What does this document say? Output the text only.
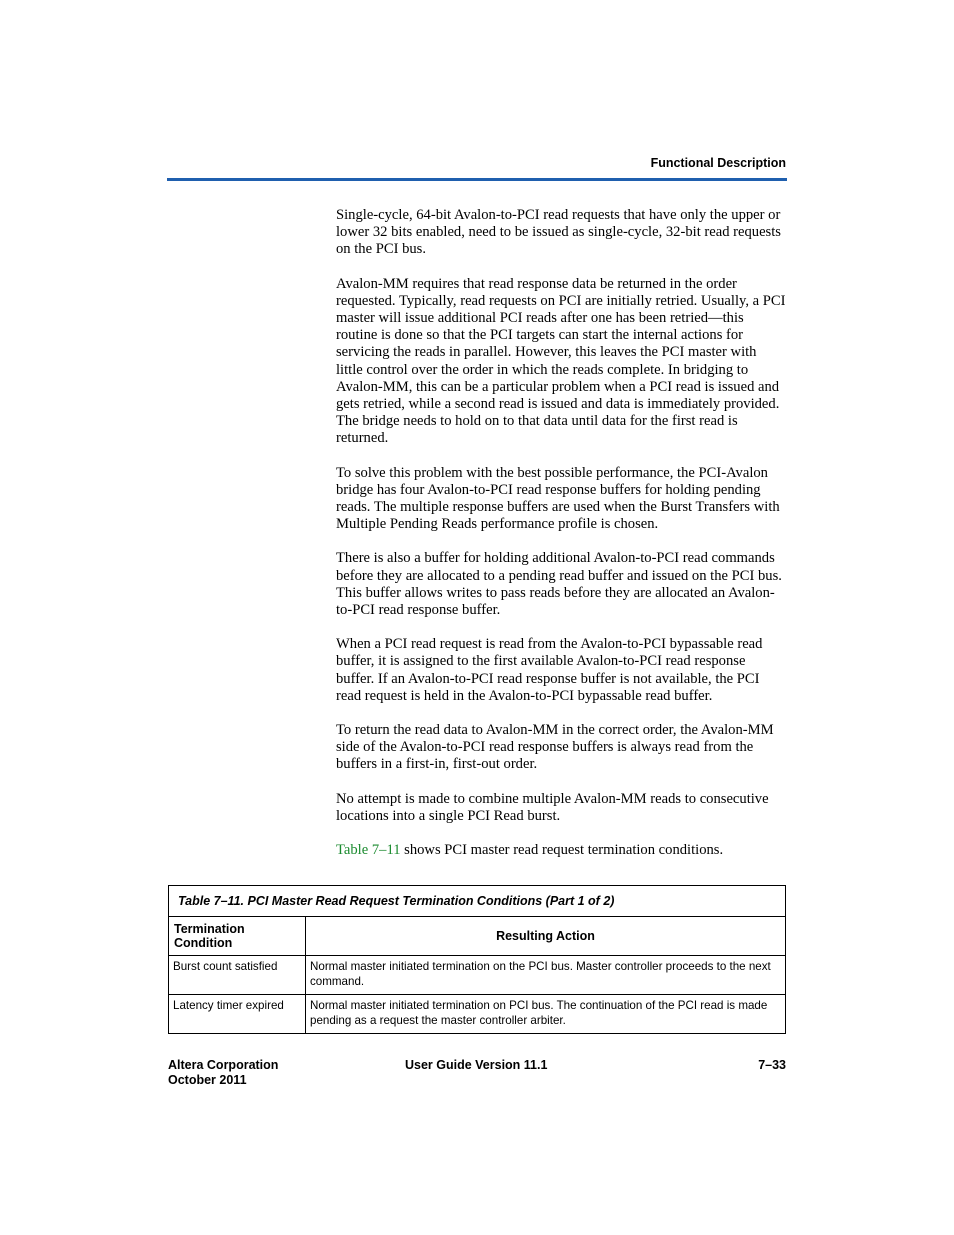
Functional Description

Single-cycle, 64-bit Avalon-to-PCI read requests that have only the upper or lower 32 bits enabled, need to be issued as single-cycle, 32-bit read requests on the PCI bus.

Avalon-MM requires that read response data be returned in the order requested. Typically, read requests on PCI are initially retried. Usually, a PCI master will issue additional PCI reads after one has been retried—this routine is done so that the PCI targets can start the internal actions for servicing the reads in parallel. However, this leaves the PCI master with little control over the order in which the reads complete. In bridging to Avalon-MM, this can be a particular problem when a PCI read is issued and gets retried, while a second read is issued and data is immediately provided. The bridge needs to hold on to that data until data for the first read is returned.

To solve this problem with the best possible performance, the PCI-Avalon bridge has four Avalon-to-PCI read response buffers for holding pending reads. The multiple response buffers are used when the Burst Transfers with Multiple Pending Reads performance profile is chosen.

There is also a buffer for holding additional Avalon-to-PCI read commands before they are allocated to a pending read buffer and issued on the PCI bus. This buffer allows writes to pass reads before they are allocated an Avalon-to-PCI read response buffer.

When a PCI read request is read from the Avalon-to-PCI bypassable read buffer, it is assigned to the first available Avalon-to-PCI read response buffer. If an Avalon-to-PCI read response buffer is not available, the PCI read request is held in the Avalon-to-PCI bypassable read buffer.

To return the read data to Avalon-MM in the correct order, the Avalon-MM side of the Avalon-to-PCI read response buffers is always read from the buffers in a first-in, first-out order.

No attempt is made to combine multiple Avalon-MM reads to consecutive locations into a single PCI Read burst.

Table 7–11 shows PCI master read request termination conditions.

Table 7–11. PCI Master Read Request Termination Conditions (Part 1 of 2)	
Termination Condition	Resulting Action
Burst count satisfied	Normal master initiated termination on the PCI bus. Master controller proceeds to the next command.
Latency timer expired	Normal master initiated termination on PCI bus. The continuation of the PCI read is made pending as a request the master controller arbiter.
Altera Corporation
October 2011
User Guide Version 11.1	7–33
